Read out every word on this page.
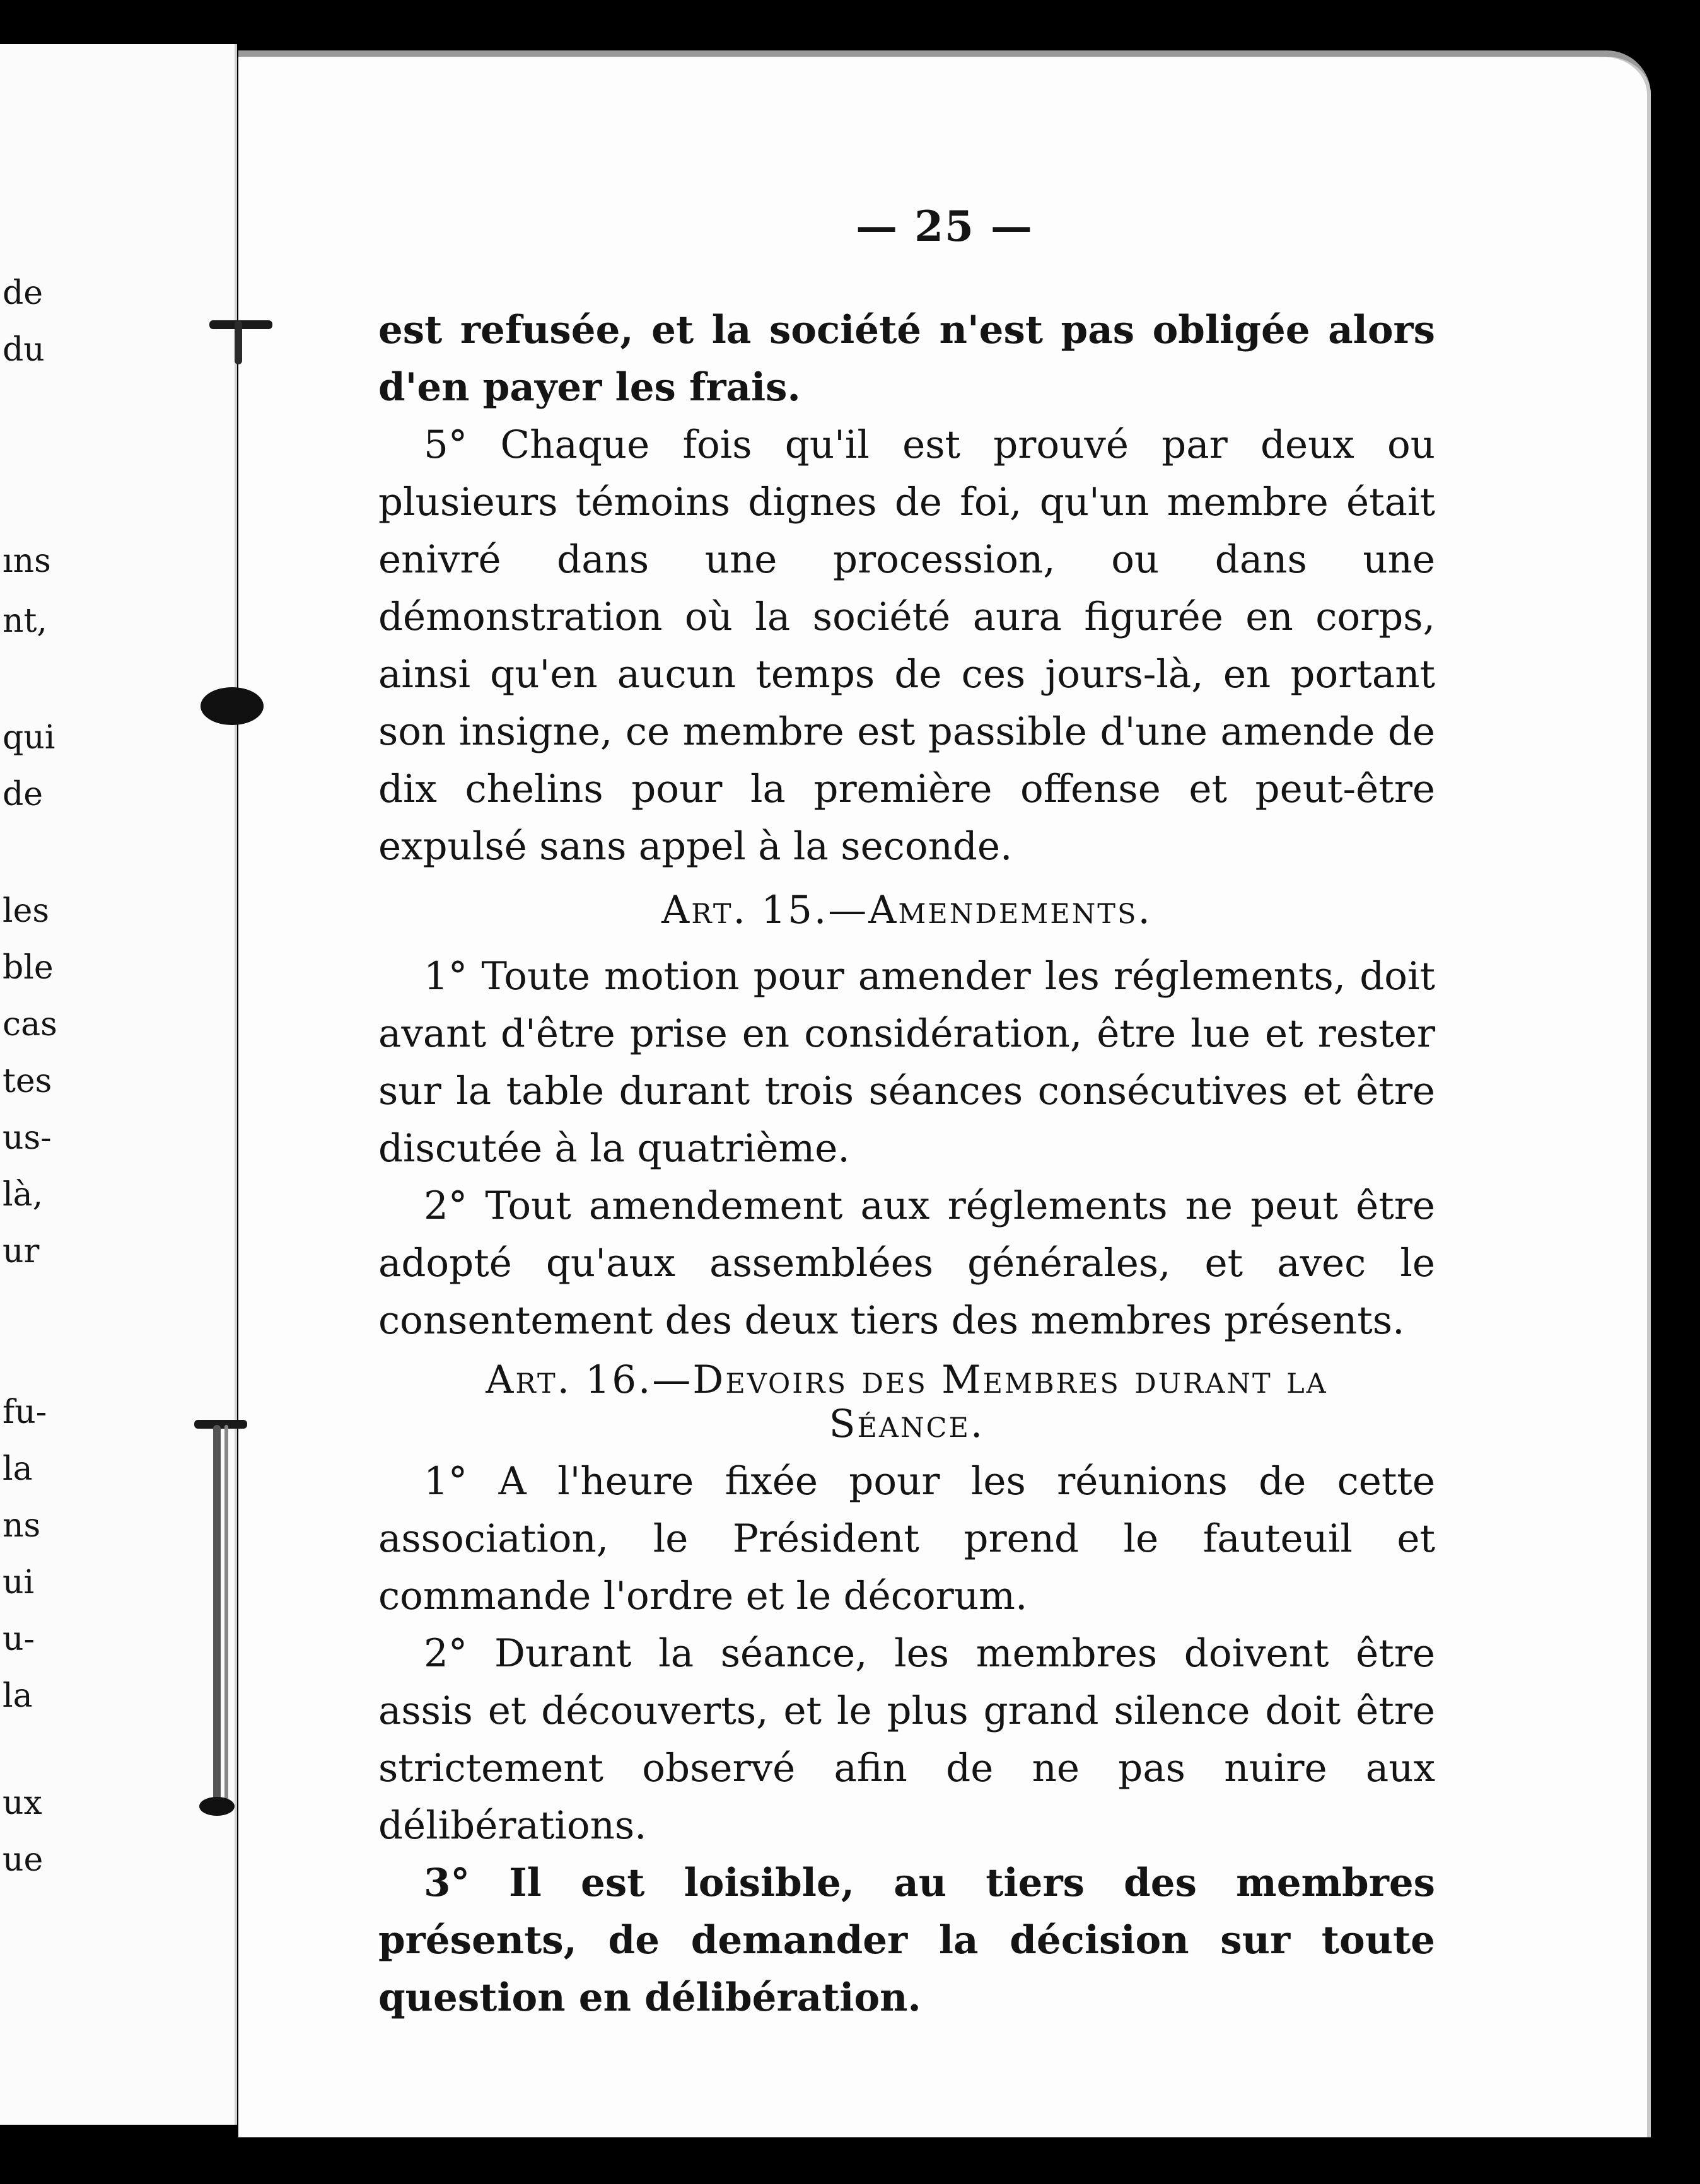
de
du
ıns
nt,
qui
de
les
ble
cas
tes
us-
là,
ur
fu-
la
ns
ui
u-
la
ux
ue
— 25 —

est refusée, et la société n'est pas obligée alors d'en payer les frais.

5° Chaque fois qu'il est prouvé par deux ou plusieurs témoins dignes de foi, qu'un membre était enivré dans une procession, ou dans une démonstration où la société aura figurée en corps, ainsi qu'en aucun temps de ces jours-là, en portant son insigne, ce membre est passible d'une amende de dix chelins pour la première offense et peut-être expulsé sans appel à la seconde.

Art. 15.—Amendements.

1° Toute motion pour amender les réglements, doit avant d'être prise en considération, être lue et rester sur la table durant trois séances consécutives et être discutée à la quatrième.

2° Tout amendement aux réglements ne peut être adopté qu'aux assemblées générales, et avec le consentement des deux tiers des membres présents.

Art. 16.—Devoirs des Membres durant la
Séance.

1° A l'heure fixée pour les réunions de cette association, le Président prend le fauteuil et commande l'ordre et le décorum.

2° Durant la séance, les membres doivent être assis et découverts, et le plus grand silence doit être strictement observé afin de ne pas nuire aux délibérations.

3° Il est loisible, au tiers des membres présents, de demander la décision sur toute question en délibération.
